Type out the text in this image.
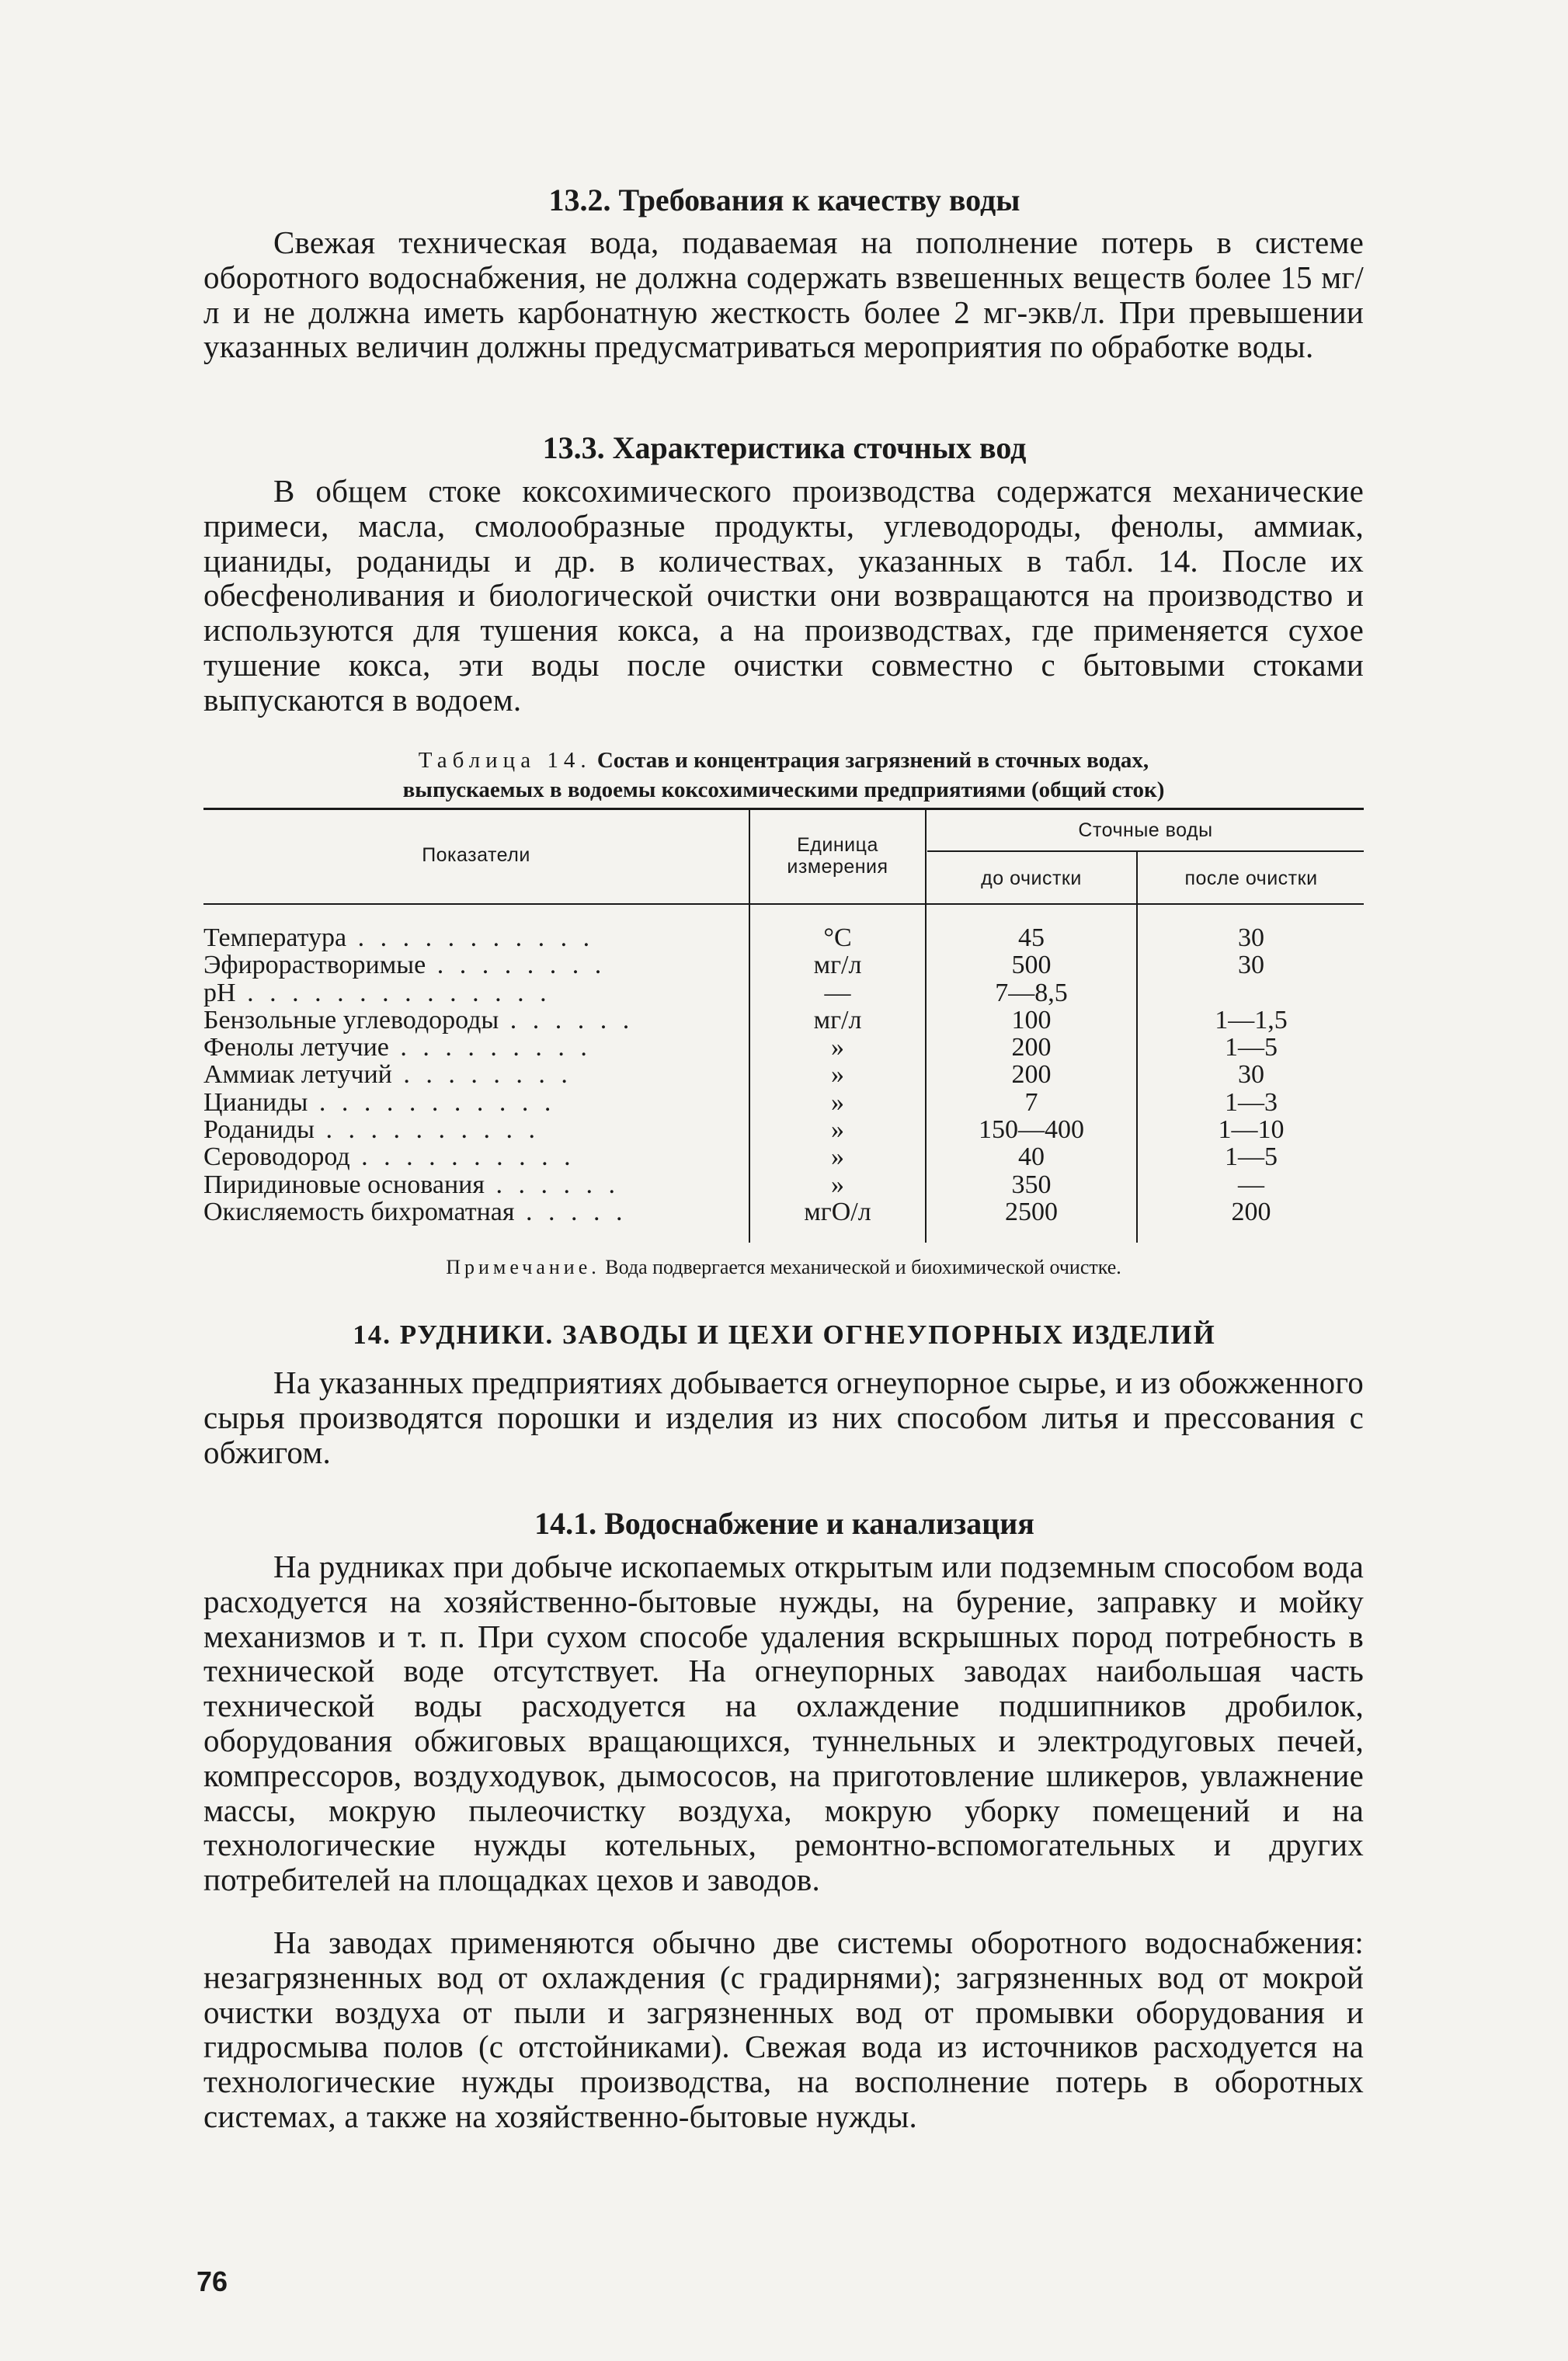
13.2. Требования к качеству воды

Свежая техническая вода, подаваемая на пополнение потерь в системе оборотного водоснабжения, не должна содержать взвешенных веществ более 15 мг/л и не должна иметь карбонатную жесткость более 2 мг-экв/л. При превышении указанных величин должны предусматриваться мероприятия по обработке воды.

13.3. Характеристика сточных вод

В общем стоке коксохимического производства содержатся механические примеси, масла, смолообразные продукты, углеводороды, фенолы, аммиак, цианиды, роданиды и др. в количествах, указанных в табл. 14. После их обесфеноливания и биологической очистки они возвращаются на производство и используются для тушения кокса, а на производствах, где применяется сухое тушение кокса, эти воды после очистки совместно с бытовыми стоками выпускаются в водоем.

Таблица 14. Состав и концентрация загрязнений в сточных водах,
выпускаемых в водоемы коксохимическими предприятиями (общий сток)

Показатели	Единица
измерения
Сточные воды
до очистки	после очистки
Температура . . . . . . . . . . .	°С	45	30
Эфирорастворимые . . . . . . . .	мг/л	500	30
pH . . . . . . . . . . . . . .	—	7—8,5
Бензольные углеводороды . . . . . .	мг/л	100	1—1,5
Фенолы летучие . . . . . . . . .	»	200	1—5
Аммиак летучий . . . . . . . .	»	200	30
Цианиды . . . . . . . . . . .	»	7	1—3
Роданиды . . . . . . . . . .	»	150—400	1—10
Сероводород . . . . . . . . . .	»	40	1—5
Пиридиновые основания . . . . . .	»	350	—
Окисляемость бихроматная . . . . .	мгО/л	2500	200
Примечание. Вода подвергается механической и биохимической очистке.
14. РУДНИКИ. ЗАВОДЫ И ЦЕХИ ОГНЕУПОРНЫХ ИЗДЕЛИЙ

На указанных предприятиях добывается огнеупорное сырье, и из обожженного сырья производятся порошки и изделия из них способом литья и прессования с обжигом.

14.1. Водоснабжение и канализация

На рудниках при добыче ископаемых открытым или подземным способом вода расходуется на хозяйственно-бытовые нужды, на бурение, заправку и мойку механизмов и т. п. При сухом способе удаления вскрышных пород потребность в технической воде отсутствует. На огнеупорных заводах наибольшая часть технической воды расходуется на охлаждение подшипников дробилок, оборудования обжиговых вращающихся, туннельных и электродуговых печей, компрессоров, воздуходувок, дымососов, на приготовление шликеров, увлажнение массы, мокрую пылеочистку воздуха, мокрую уборку помещений и на технологические нужды котельных, ремонтно-вспомогательных и других потребителей на площадках цехов и заводов.

На заводах применяются обычно две системы оборотного водоснабжения: незагрязненных вод от охлаждения (с градирнями); загрязненных вод от мокрой очистки воздуха от пыли и загрязненных вод от промывки оборудования и гидросмыва полов (с отстойниками). Свежая вода из источников расходуется на технологические нужды производства, на восполнение потерь в оборотных системах, а также на хозяйственно-бытовые нужды.

76
